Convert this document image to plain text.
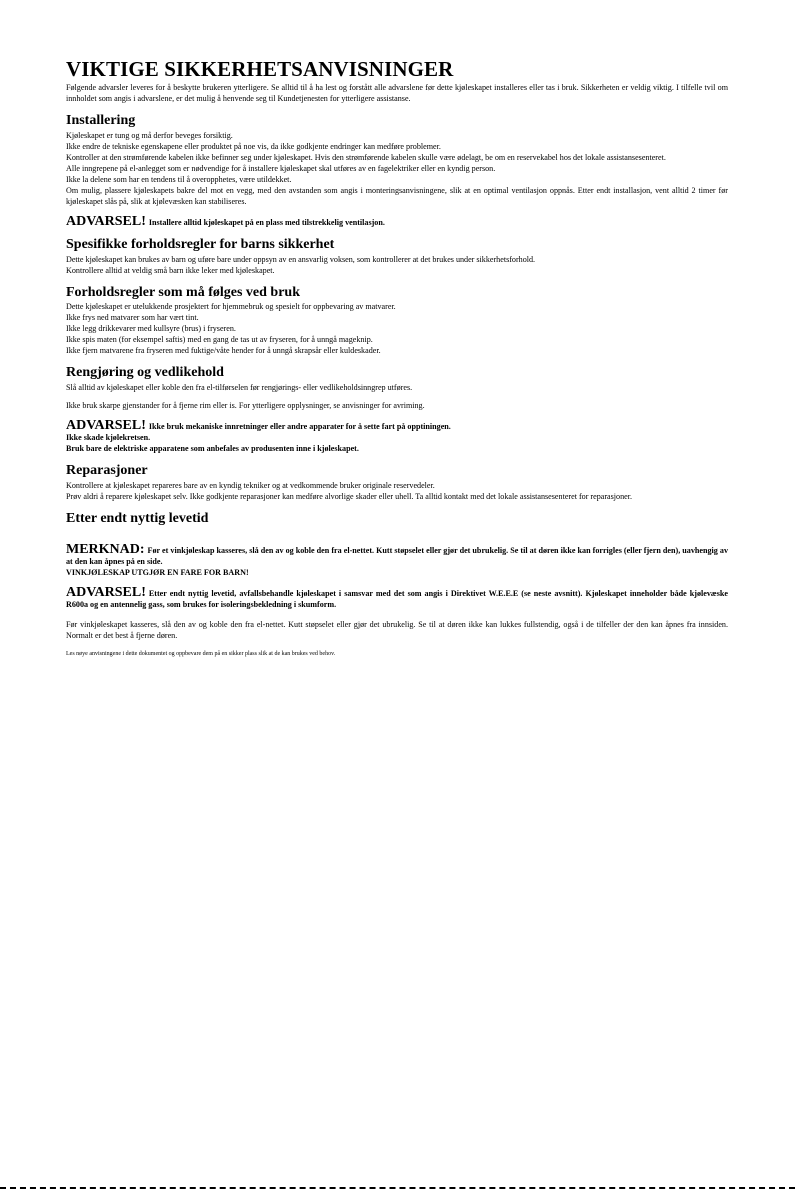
VIKTIGE SIKKERHETSANVISNINGER

Følgende advarsler leveres for å beskytte brukeren ytterligere. Se alltid til å ha lest og forstått alle advarslene før dette kjøleskapet installeres eller tas i bruk. Sikkerheten er veldig viktig. I tilfelle tvil om innholdet som angis i advarslene, er det mulig å henvende seg til Kundetjenesten for ytterligere assistanse.

Installering

Kjøleskapet er tung og må derfor beveges forsiktig.

Ikke endre de tekniske egenskapene eller produktet på noe vis, da ikke godkjente endringer kan medføre problemer.

Kontroller at den strømførende kabelen ikke befinner seg under kjøleskapet. Hvis den strømførende kabelen skulle være ødelagt, be om en reservekabel hos det lokale assistansesenteret.

Alle inngrepene på el-anlegget som er nødvendige for å installere kjøleskapet skal utføres av en fagelektriker eller en kyndig person.

Ikke la delene som har en tendens til å overopphetes, være utildekket.

Om mulig, plassere kjøleskapets bakre del mot en vegg, med den avstanden som angis i monteringsanvisningene, slik at en optimal ventilasjon oppnås. Etter endt installasjon, vent alltid 2 timer før kjøleskapet slås på, slik at kjølevæsken kan stabiliseres.

ADVARSEL! Installere alltid kjøleskapet på en plass med tilstrekkelig ventilasjon.

Spesifikke forholdsregler for barns sikkerhet

Dette kjøleskapet kan brukes av barn og uføre bare under oppsyn av en ansvarlig voksen, som kontrollerer at det brukes under sikkerhetsforhold.

Kontrollere alltid at veldig små barn ikke leker med kjøleskapet.

Forholdsregler som må følges ved bruk

Dette kjøleskapet er utelukkende prosjektert for hjemmebruk og spesielt for oppbevaring av matvarer.

Ikke frys ned matvarer som har vært tint.

Ikke legg drikkevarer med kullsyre (brus) i fryseren.

Ikke spis maten (for eksempel saftis) med en gang de tas ut av fryseren, for å unngå mageknip.

Ikke fjern matvarene fra fryseren med fuktige/våte hender for å unngå skrapsår eller kuldeskader.

Rengjøring og vedlikehold

Slå alltid av kjøleskapet eller koble den fra el-tilførselen før rengjørings- eller vedlikeholdsinngrep utføres.

Ikke bruk skarpe gjenstander for å fjerne rim eller is. For ytterligere opplysninger, se anvisninger for avriming.

ADVARSEL! Ikke bruk mekaniske innretninger eller andre apparater for å sette fart på opptiningen.

Ikke skade kjølekretsen.

Bruk bare de elektriske apparatene som anbefales av produsenten inne i kjøleskapet.

Reparasjoner

Kontrollere at kjøleskapet repareres bare av en kyndig tekniker og at vedkommende bruker originale reservedeler.

Prøv aldri å reparere kjøleskapet selv. Ikke godkjente reparasjoner kan medføre alvorlige skader eller uhell. Ta alltid kontakt med det lokale assistansesenteret for reparasjoner.

Etter endt nyttig levetid

MERKNAD: Før et vinkjøleskap kasseres, slå den av og koble den fra el-nettet. Kutt støpselet eller gjør det ubrukelig. Se til at døren ikke kan forrigles (eller fjern den), uavhengig av at den kan åpnes på en side.

VINKJØLESKAP UTGJØR EN FARE FOR BARN!

ADVARSEL! Etter endt nyttig levetid, avfallsbehandle kjøleskapet i samsvar med det som angis i Direktivet W.E.E.E (se neste avsnitt). Kjøleskapet inneholder både kjølevæske R600a og en antennelig gass, som brukes for isoleringsbekledning i skumform.

Før vinkjøleskapet kasseres, slå den av og koble den fra el-nettet. Kutt støpselet eller gjør det ubrukelig. Se til at døren ikke kan lukkes fullstendig, også i de tilfeller der den kan åpnes fra innsiden. Normalt er det best å fjerne døren.

Les nøye anvisningene i dette dokumentet og oppbevare dem på en sikker plass slik at de kan brukes ved behov.
